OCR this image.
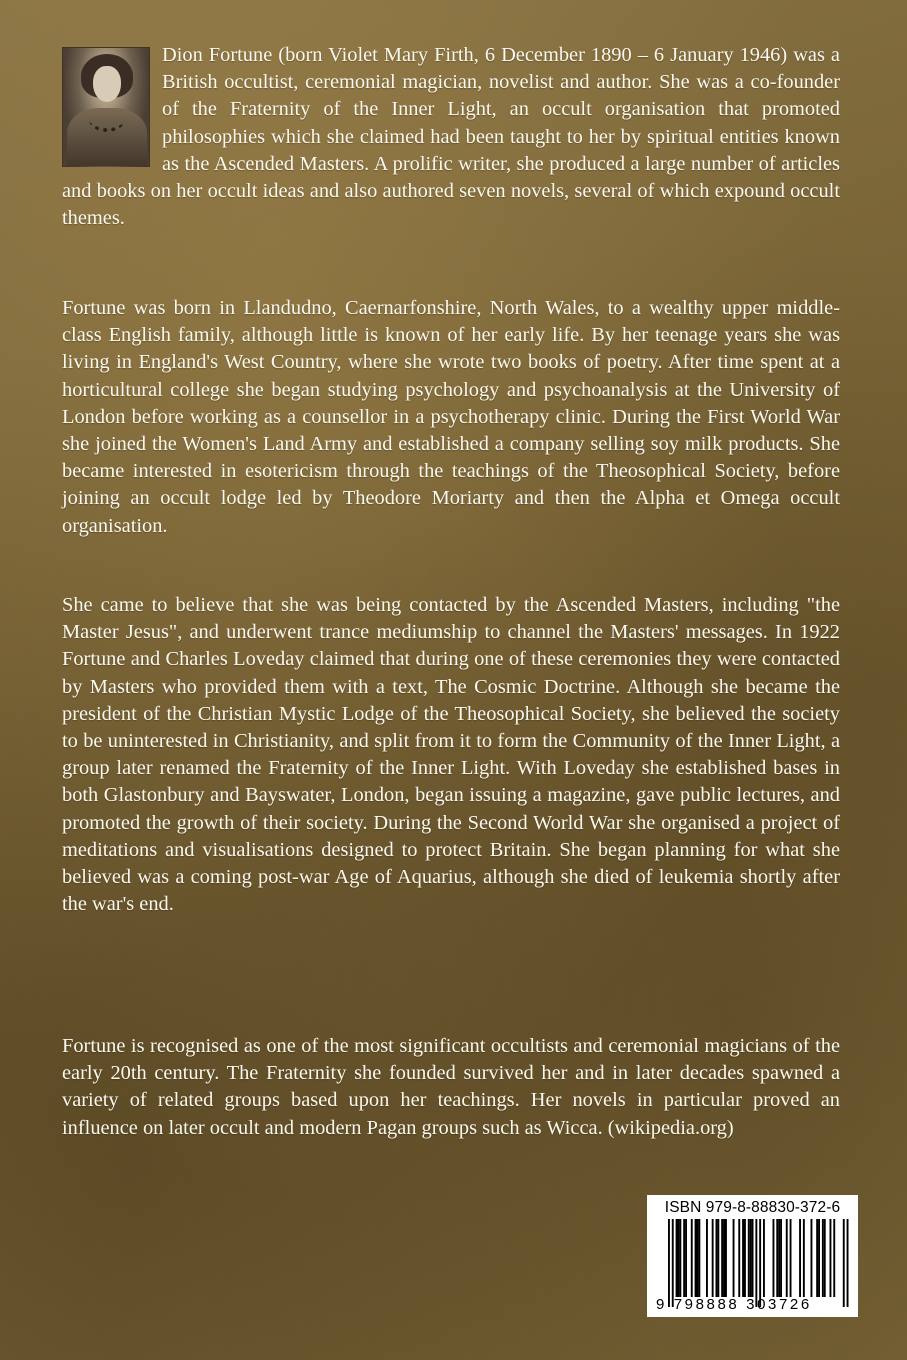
Dion Fortune (born Violet Mary Firth, 6 December 1890 – 6 January 1946) was a British occultist, ceremonial magician, novelist and author. She was a co-founder of the Fraternity of the Inner Light, an occult organisation that promoted philosophies which she claimed had been taught to her by spiritual entities known as the Ascended Masters. A prolific writer, she produced a large number of articles and books on her occult ideas and also authored seven novels, several of which expound occult themes.
Fortune was born in Llandudno, Caernarfonshire, North Wales, to a wealthy upper middle-class English family, although little is known of her early life. By her teenage years she was living in England's West Country, where she wrote two books of poetry. After time spent at a horticultural college she began studying psychology and psychoanalysis at the University of London before working as a counsellor in a psychotherapy clinic. During the First World War she joined the Women's Land Army and established a company selling soy milk products. She became interested in esotericism through the teachings of the Theosophical Society, before joining an occult lodge led by Theodore Moriarty and then the Alpha et Omega occult organisation.
She came to believe that she was being contacted by the Ascended Masters, including "the Master Jesus", and underwent trance mediumship to channel the Masters' messages. In 1922 Fortune and Charles Loveday claimed that during one of these ceremonies they were contacted by Masters who provided them with a text, The Cosmic Doctrine. Although she became the president of the Christian Mystic Lodge of the Theosophical Society, she believed the society to be uninterested in Christianity, and split from it to form the Community of the Inner Light, a group later renamed the Fraternity of the Inner Light. With Loveday she established bases in both Glastonbury and Bayswater, London, began issuing a magazine, gave public lectures, and promoted the growth of their society. During the Second World War she organised a project of meditations and visualisations designed to protect Britain. She began planning for what she believed was a coming post-war Age of Aquarius, although she died of leukemia shortly after the war's end.
Fortune is recognised as one of the most significant occultists and ceremonial magicians of the early 20th century. The Fraternity she founded survived her and in later decades spawned a variety of related groups based upon her teachings. Her novels in particular proved an influence on later occult and modern Pagan groups such as Wicca. (wikipedia.org)
ISBN 979-8-88830-372-6
9 798888 303726
